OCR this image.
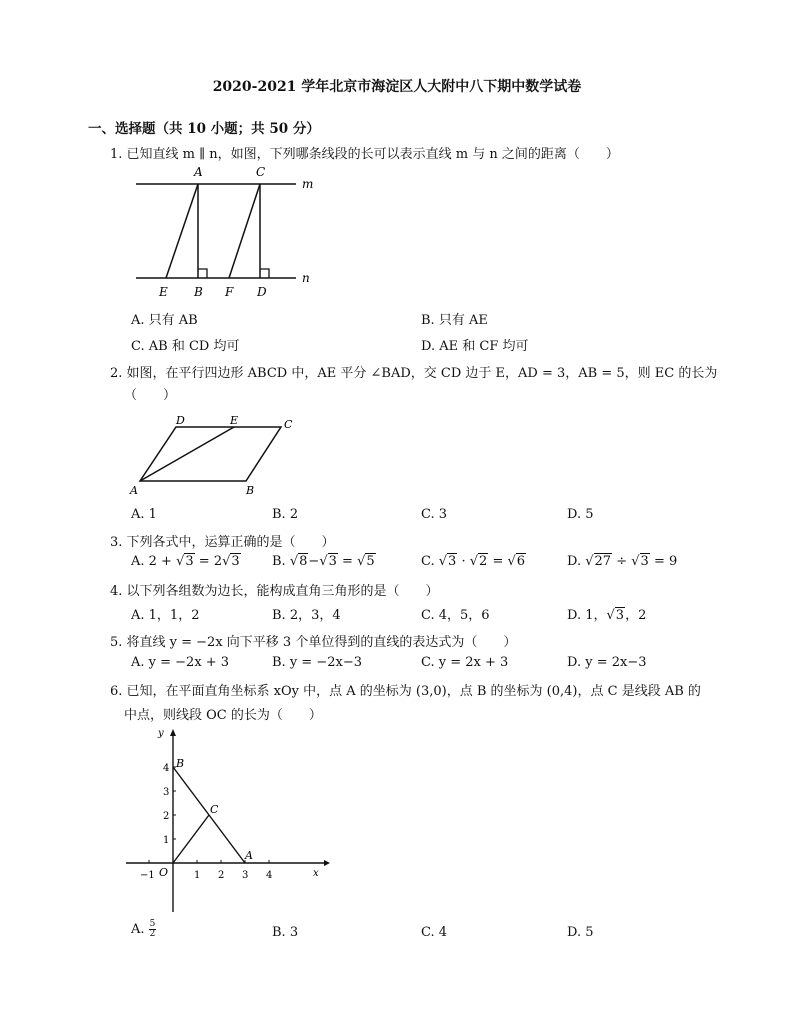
2020-2021 学年北京市海淀区人大附中八下期中数学试卷
一、选择题（共 10 小题；共 50 分）
1. 已知直线 m ∥ n，如图，下列哪条线段的长可以表示直线 m 与 n 之间的距离（　　）
A	C
m
E B F D
n
A. 只有 AB	B. 只有 AE
C. AB 和 CD 均可	D. AE 和 CF 均可
2. 如图，在平行四边形 ABCD 中，AE 平分 ∠BAD，交 CD 边于 E，AD = 3，AB = 5，则 EC 的长为
（　　）
D	E	C
A	B
A. 1	B. 2	C. 3	D. 5
3. 下列各式中，运算正确的是（　　）
A. 2 + √3 = 2√3 B. √8−√3 = √5	C. √3 · √2 = √6	D. √27 ÷ √3 = 9
4. 以下列各组数为边长，能构成直角三角形的是（　　）
A. 1，1，2	B. 2，3，4	C. 4，5，6	D. 1，√3，2
5. 将直线 y = −2x 向下平移 3 个单位得到的直线的表达式为（　　）
A. y = −2x + 3	B. y = −2x−3	C. y = 2x + 3	D. y = 2x−3
6. 已知，在平面直角坐标系 xOy 中，点 A 的坐标为 (3,0)，点 B 的坐标为 (0,4)，点 C 是线段 AB 的
中点，则线段 OC 的长为（　　）
y
x
O
B
C
A
1 2 3 4
−1
1
2
3
4
A. $\frac{5}{2}$	B. 3	C. 4	D. 5
